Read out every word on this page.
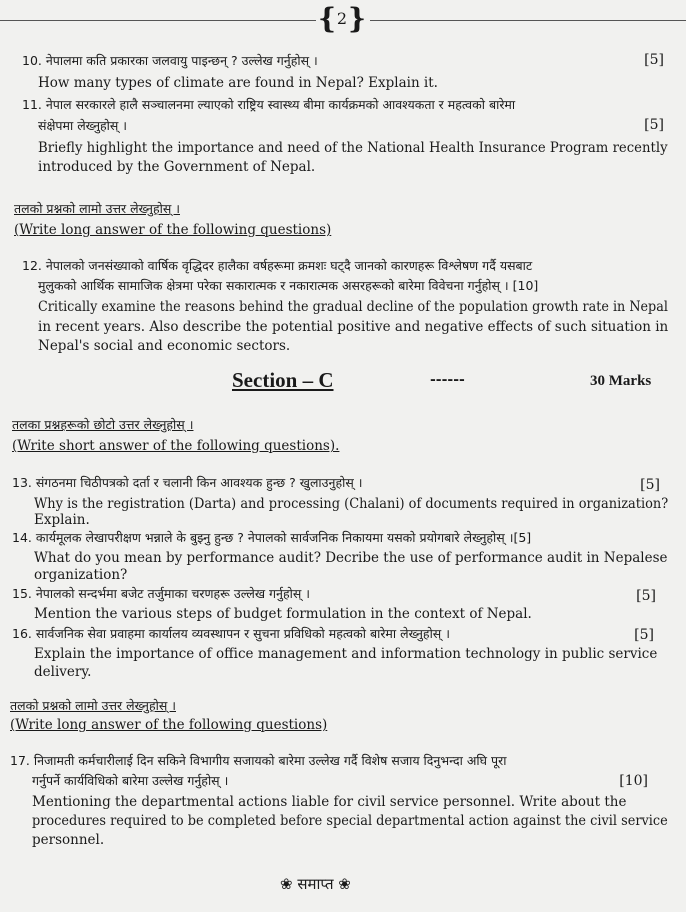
{ 2 }
10. नेपालमा कति प्रकारका जलवायु पाइन्छन् ? उल्लेख गर्नुहोस् ।	[5]
How many types of climate are found in Nepal? Explain it.
11. नेपाल सरकारले हालै सञ्चालनमा ल्याएको राष्ट्रिय स्वास्थ्य बीमा कार्यक्रमको आवश्यकता र महत्वको बारेमा
संक्षेपमा लेख्नुहोस् ।	[5]
Briefly highlight the importance and need of the National Health Insurance Program recently
introduced by the Government of Nepal.
तलको प्रश्नको लामो उत्तर लेख्नुहोस् ।
(Write long answer of the following questions)
12. नेपालको जनसंख्याको वार्षिक वृद्धिदर हालैका वर्षहरूमा क्रमशः घट्दै जानको कारणहरू विश्लेषण गर्दै यसबाट
मुलुकको आर्थिक सामाजिक क्षेत्रमा परेका सकारात्मक र नकारात्मक असरहरूको बारेमा विवेचना गर्नुहोस् । [10]
Critically examine the reasons behind the gradual decline of the population growth rate in Nepal
in recent years. Also describe the potential positive and negative effects of such situation in
Nepal's social and economic sectors.
Section – C	------	30 Marks
तलका प्रश्नहरूको छोटो उत्तर लेख्नुहोस् ।
(Write short answer of the following questions).
13. संगठनमा चिठीपत्रको दर्ता र चलानी किन आवश्यक हुन्छ ? खुलाउनुहोस् ।	[5]
Why is the registration (Darta) and processing (Chalani) of documents required in organization?
Explain.
14. कार्यमूलक लेखापरीक्षण भन्नाले के बुझ्नु हुन्छ ? नेपालको सार्वजनिक निकायमा यसको प्रयोगबारे लेख्नुहोस् ।[5]
What do you mean by performance audit? Decribe the use of performance audit in Nepalese
organization?
15. नेपालको सन्दर्भमा बजेट तर्जुमाका चरणहरू उल्लेख गर्नुहोस् ।	[5]
Mention the various steps of budget formulation in the context of Nepal.
16. सार्वजनिक सेवा प्रवाहमा कार्यालय व्यवस्थापन र सुचना प्रविधिको महत्वको बारेमा लेख्नुहोस् ।	[5]
Explain the importance of office management and information technology in public service
delivery.
तलको प्रश्नको लामो उत्तर लेख्नुहोस् ।
(Write long answer of the following questions)
17. निजामती कर्मचारीलाई दिन सकिने विभागीय सजायको बारेमा उल्लेख गर्दै विशेष सजाय दिनुभन्दा अघि पूरा
गर्नुपर्ने कार्यविधिको बारेमा उल्लेख गर्नुहोस् ।	[10]
Mentioning the departmental actions liable for civil service personnel. Write about the
procedures required to be completed before special departmental action against the civil service
personnel.
❀ समाप्त ❀
